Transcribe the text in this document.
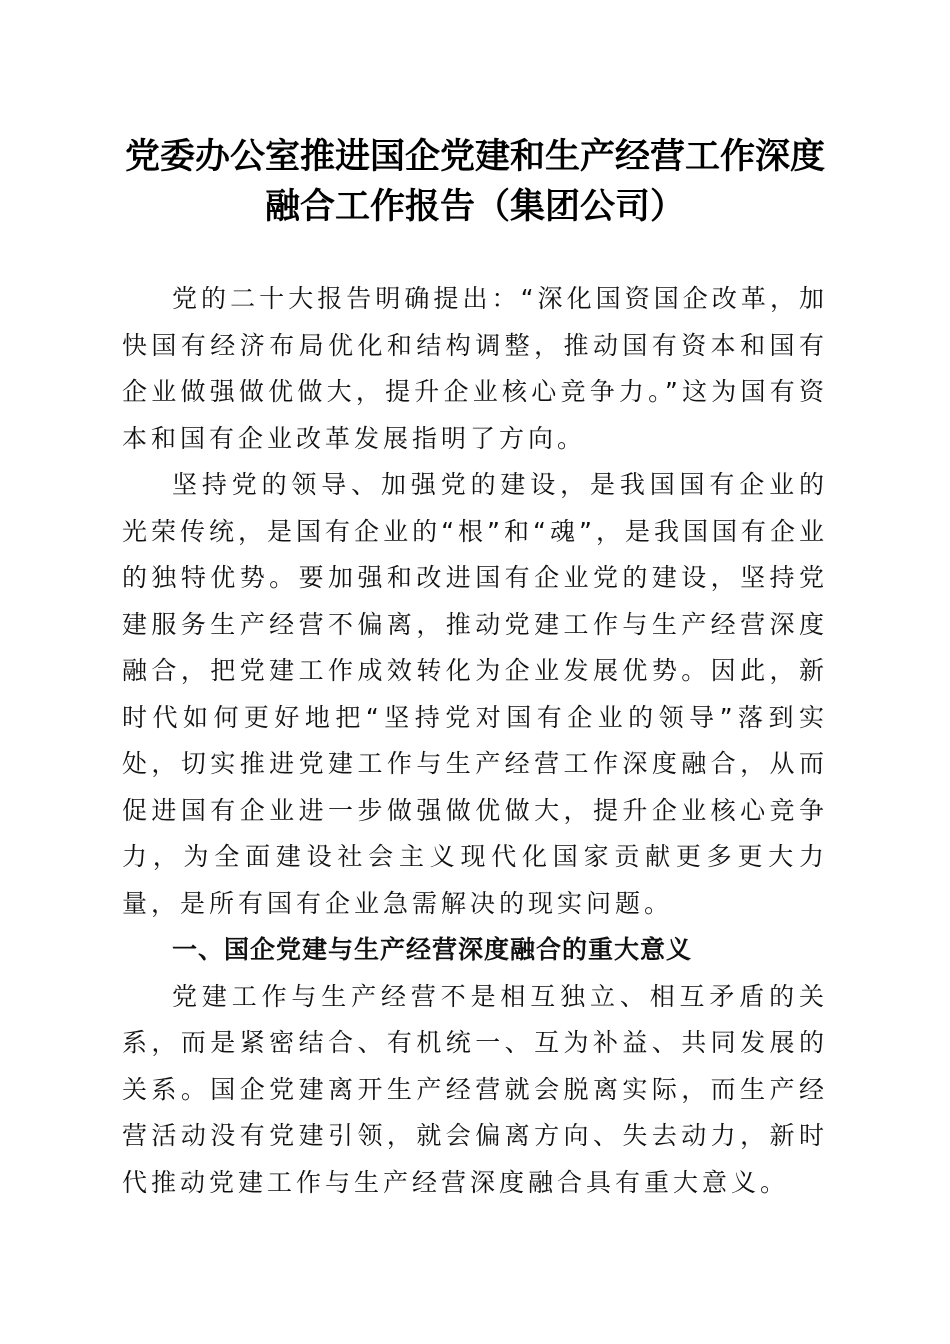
党委办公室推进国企党建和生产经营工作深度
融合工作报告（集团公司）

党的二十大报告明确提出：“深化国资国企改革，加快国有经济布局优化和结构调整，推动国有资本和国有企业做强做优做大，提升企业核心竞争力。”这为国有资本和国有企业改革发展指明了方向。

坚持党的领导、加强党的建设，是我国国有企业的光荣传统，是国有企业的“根”和“魂”，是我国国有企业的独特优势。要加强和改进国有企业党的建设，坚持党建服务生产经营不偏离，推动党建工作与生产经营深度融合，把党建工作成效转化为企业发展优势。因此，新时代如何更好地把“坚持党对国有企业的领导”落到实处，切实推进党建工作与生产经营工作深度融合，从而促进国有企业进一步做强做优做大，提升企业核心竞争力，为全面建设社会主义现代化国家贡献更多更大力量，是所有国有企业急需解决的现实问题。

一、国企党建与生产经营深度融合的重大意义

党建工作与生产经营不是相互独立、相互矛盾的关系，而是紧密结合、有机统一、互为补益、共同发展的关系。国企党建离开生产经营就会脱离实际，而生产经营活动没有党建引领，就会偏离方向、失去动力，新时代推动党建工作与生产经营深度融合具有重大意义。
